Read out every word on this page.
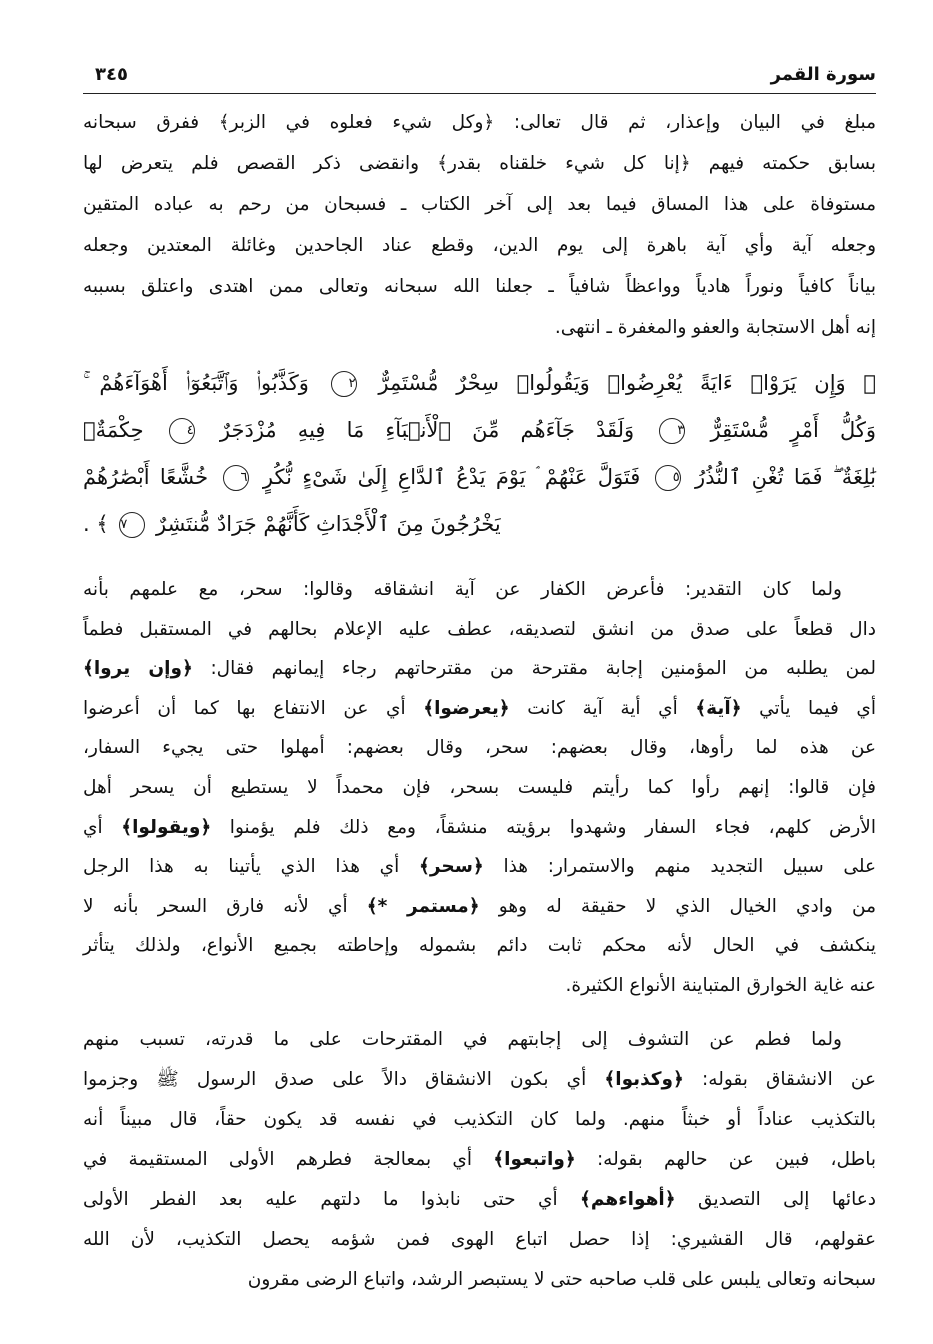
سورة القمر
٣٤٥
مبلغ في البيان وإعذار، ثم قال تعالى: ﴿وكل شيء فعلوه في الزبر﴾ ففرق سبحانه
بسابق حكمته فيهم ﴿إنا كل شيء خلقناه بقدر﴾ وانقضى ذكر القصص فلم يتعرض لها
مستوفاة على هذا المساق فيما بعد إلى آخر الكتاب ـ فسبحان من رحم به عباده المتقين
وجعله آية وأي آية باهرة إلى يوم الدين، وقطع عناد الجاحدين وغائلة المعتدين وجعله
بياناً كافياً ونوراً هادياً وواعظاً شافياً ـ جعلنا الله سبحانه وتعالى ممن اهتدى واعتلق بسببه
إنه أهل الاستجابة والعفو والمغفرة ـ انتهى.
﴿ وَإِن يَرَوْا۟ ءَايَةً يُعْرِضُوا۟ وَيَقُولُوا۟ سِحْرٌ مُّسْتَمِرٌّ ٢ وَكَذَّبُوا۟ وَٱتَّبَعُوٓا۟ أَهْوَآءَهُمْ ۚ
وَكُلُّ أَمْرٍ مُّسْتَقِرٌّ ٣ وَلَقَدْ جَآءَهُم مِّنَ ٱلْأَنۢبَآءِ مَا فِيهِ مُزْدَجَرٌ ٤ حِكْمَةٌۢ
بَٰلِغَةٌ ۖ فَمَا تُغْنِ ٱلنُّذُرُ ٥ فَتَوَلَّ عَنْهُمْ ۘ يَوْمَ يَدْعُ ٱلدَّاعِ إِلَىٰ شَىْءٍ نُّكُرٍ ٦ خُشَّعًا أَبْصَٰرُهُمْ
يَخْرُجُونَ مِنَ ٱلْأَجْدَاثِ كَأَنَّهُمْ جَرَادٌ مُّنتَشِرٌ ٧ ﴾ .
ولما كان التقدير: فأعرض الكفار عن آية انشقاقه وقالوا: سحر، مع علمهم بأنه
دال قطعاً على صدق من انشق لتصديقه، عطف عليه الإعلام بحالهم في المستقبل فطماً
لمن يطلبه من المؤمنين إجابة مقترحة من مقترحاتهم رجاء إيمانهم فقال: ﴿وإن يروا﴾
أي فيما يأتي ﴿آية﴾ أي أية آية كانت ﴿يعرضوا﴾ أي عن الانتفاع بها كما أن أعرضوا
عن هذه لما رأوها، وقال بعضهم: سحر، وقال بعضهم: أمهلوا حتى يجيء السفار،
فإن قالوا: إنهم رأوا كما رأيتم فليست بسحر، فإن محمداً لا يستطيع أن يسحر أهل
الأرض كلهم، فجاء السفار وشهدوا برؤيته منشقاً، ومع ذلك فلم يؤمنوا ﴿ويقولوا﴾ أي
على سبيل التجديد منهم والاستمرار: هذا ﴿سحر﴾ أي هذا الذي يأتينا به هذا الرجل
من وادي الخيال الذي لا حقيقة له وهو ﴿مستمر *﴾ أي لأنه فارق السحر بأنه لا
ينكشف في الحال لأنه محكم ثابت دائم بشموله وإحاطته بجميع الأنواع، ولذلك يتأثر
عنه غاية الخوارق المتباينة الأنواع الكثيرة.
ولما فطم عن التشوف إلى إجابتهم في المقترحات على ما قدرته، تسبب منهم
عن الانشقاق بقوله: ﴿وكذبوا﴾ أي بكون الانشقاق دالاً على صدق الرسول ﷺ وجزموا
بالتكذيب عناداً أو خبثاً منهم. ولما كان التكذيب في نفسه قد يكون حقاً، قال مبيناً أنه
باطل، فبين عن حالهم بقوله: ﴿واتبعوا﴾ أي بمعالجة فطرهم الأولى المستقيمة في
دعائها إلى التصديق ﴿أهواءهم﴾ أي حتى نابذوا ما دلتهم عليه بعد الفطر الأولى
عقولهم، قال القشيري: إذا حصل اتباع الهوى فمن شؤمه يحصل التكذيب، لأن الله
سبحانه وتعالى يلبس على قلب صاحبه حتى لا يستبصر الرشد، واتباع الرضى مقرون
